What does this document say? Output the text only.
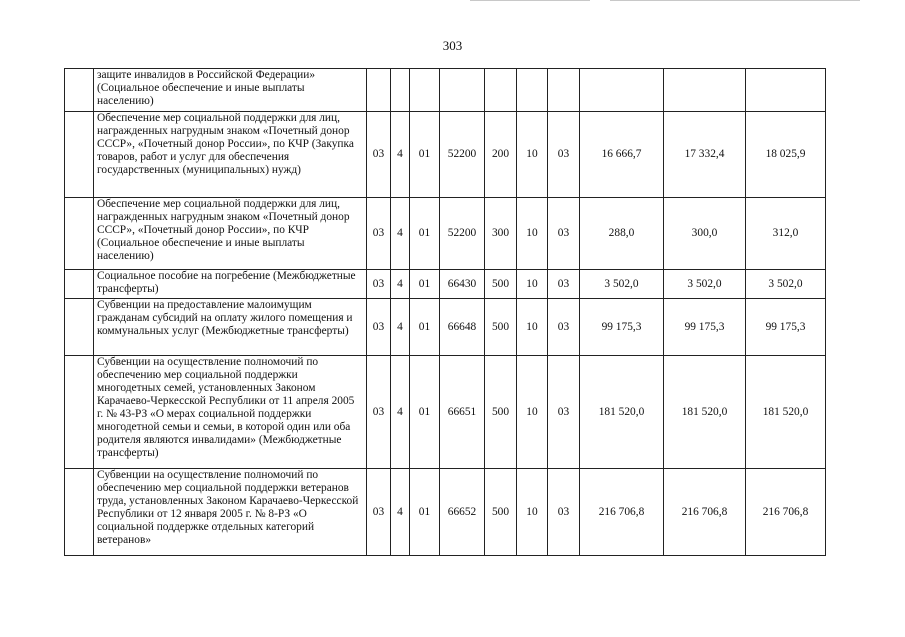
303
	защите инвалидов в Российской Федерации» (Социальное обеспечение и иные выплаты населению)										
	Обеспечение мер социальной поддержки для лиц, награжденных нагрудным знаком «Почетный донор СССР», «Почетный донор России», по КЧР (Закупка товаров, работ и услуг для обеспечения государственных (муниципальных) нужд)	03	4	01	52200	200	10	03	16 666,7	17 332,4	18 025,9
	Обеспечение мер социальной поддержки для лиц, награжденных нагрудным знаком «Почетный донор СССР», «Почетный донор России», по КЧР (Социальное обеспечение и иные выплаты населению)	03	4	01	52200	300	10	03	288,0	300,0	312,0
	Социальное пособие на погребение (Межбюджетные трансферты)	03	4	01	66430	500	10	03	3 502,0	3 502,0	3 502,0
	Субвенции на предоставление малоимущим гражданам субсидий на оплату жилого помещения и коммунальных услуг (Межбюджетные трансферты)	03	4	01	66648	500	10	03	99 175,3	99 175,3	99 175,3
	Субвенции на осуществление полномочий по обеспечению мер социальной поддержки многодетных семей, установленных Законом Карачаево-Черкесской Республики от 11 апреля 2005 г. № 43-РЗ «О мерах социальной поддержки многодетной семьи и семьи, в которой один или оба родителя являются инвалидами» (Межбюджетные трансферты)	03	4	01	66651	500	10	03	181 520,0	181 520,0	181 520,0
	Субвенции на осуществление полномочий по обеспечению мер социальной поддержки ветеранов труда, установленных Законом Карачаево-Черкесской Республики от 12 января 2005 г. № 8-РЗ «О социальной поддержке отдельных категорий ветеранов»	03	4	01	66652	500	10	03	216 706,8	216 706,8	216 706,8
